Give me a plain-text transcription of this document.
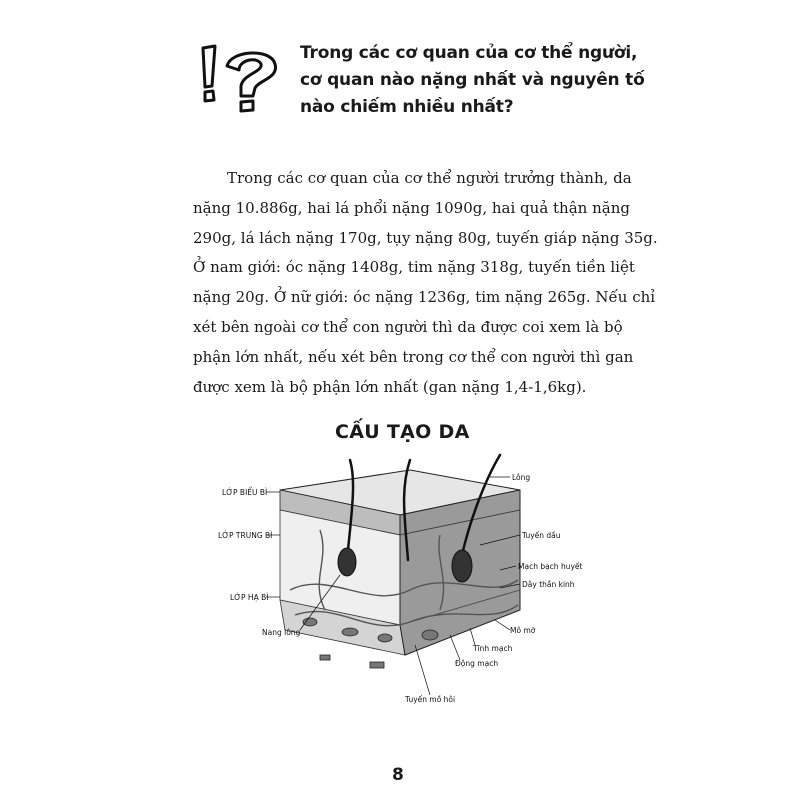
Trong các cơ quan của cơ thể người,
cơ quan nào nặng nhất và nguyên tố
nào chiếm nhiều nhất?

Trong các cơ quan của cơ thể người trưởng thành, da
nặng 10.886g, hai lá phổi nặng 1090g, hai quả thận nặng
290g, lá lách nặng 170g, tụy nặng 80g, tuyến giáp nặng 35g.
Ở nam giới: óc nặng 1408g, tim nặng 318g, tuyến tiền liệt
nặng 20g. Ở nữ giới: óc nặng 1236g, tim nặng 265g. Nếu chỉ
xét bên ngoài cơ thể con người thì da được coi xem là bộ
phận lớn nhất, nếu xét bên trong cơ thể con người thì gan
được xem là bộ phận lớn nhất (gan nặng 1,4-1,6kg).

CẤU TẠO DA

LỚP BIỂU BÌ
LỚP TRUNG BÌ
LỚP HẠ BÌ
Nang lông
Tuyến mồ hôi
Động mạch
Tĩnh mạch
Mô mỡ
Lông
Tuyến dầu
Mạch bạch huyết
Dây thần kinh

8
